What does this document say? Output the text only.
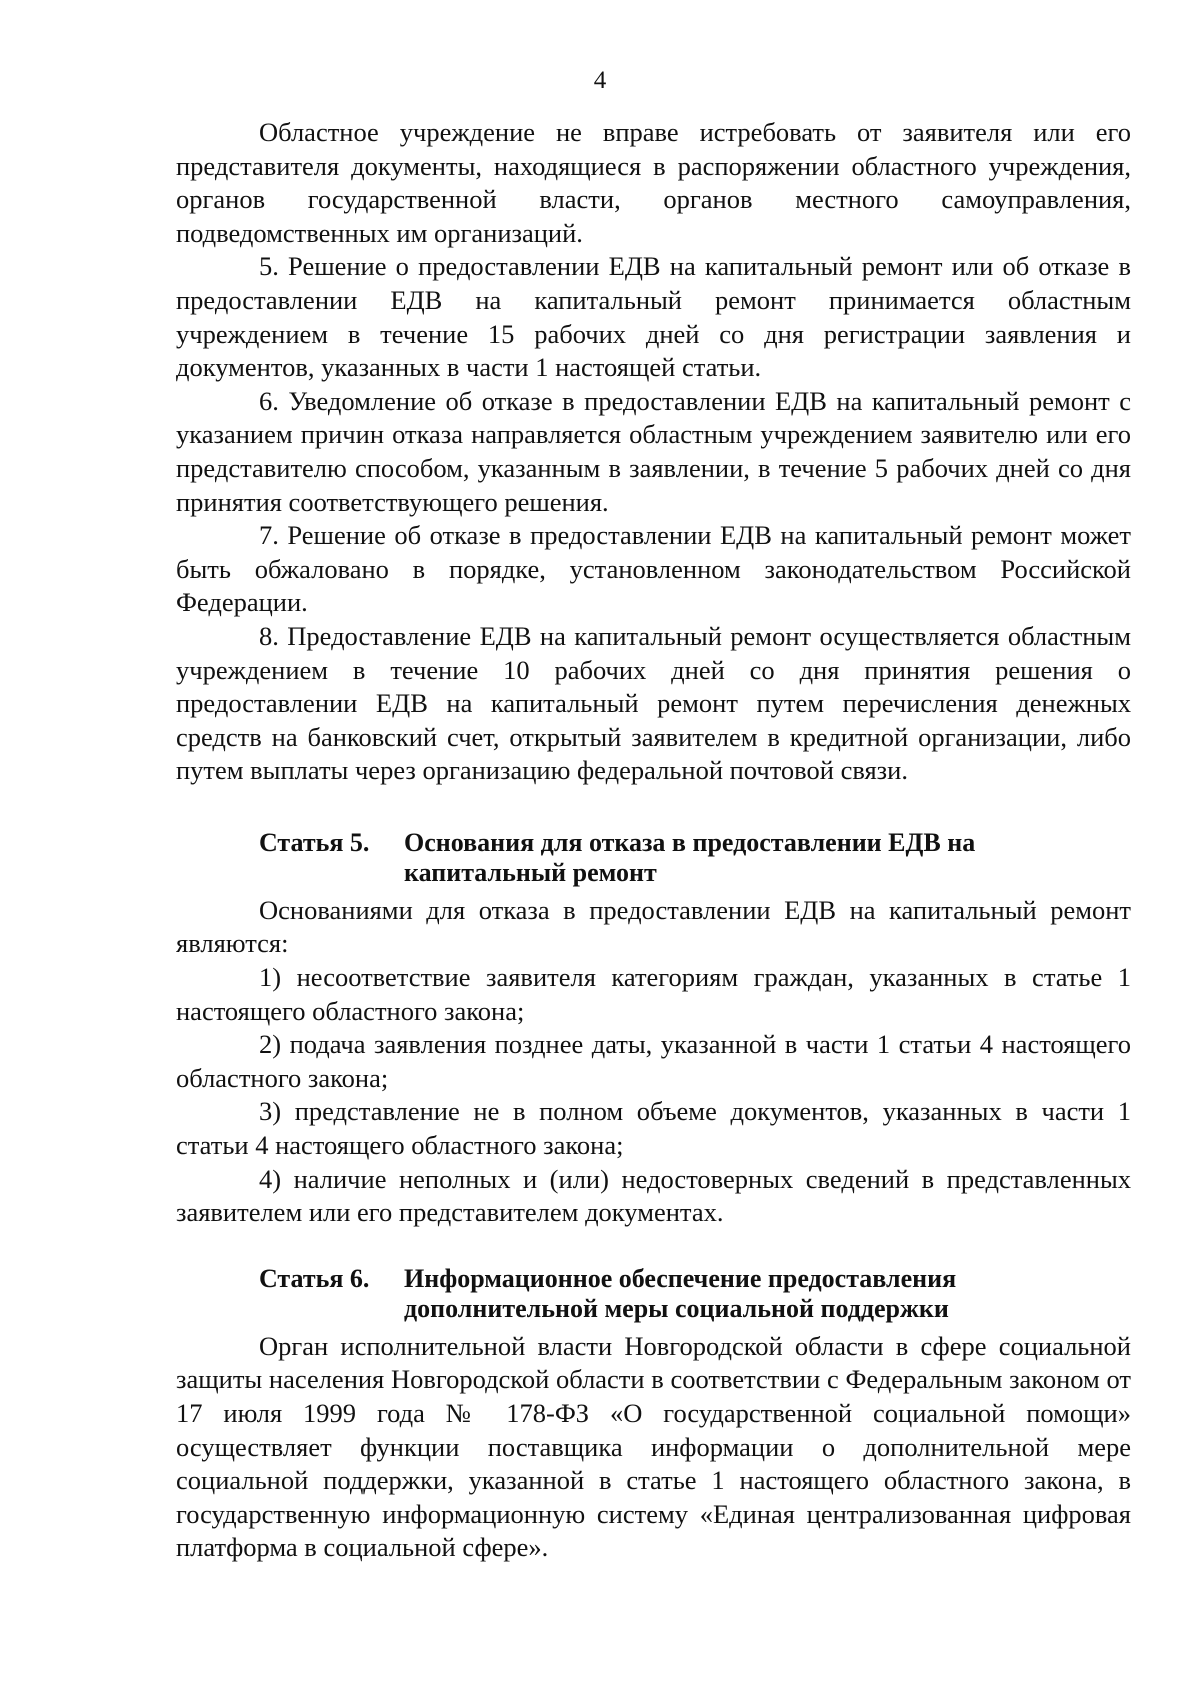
4

Областное учреждение не вправе истребовать от заявителя или его представителя документы, находящиеся в распоряжении областного учреждения, органов государственной власти, органов местного самоуправления, подведомственных им организаций.

5. Решение о предоставлении ЕДВ на капитальный ремонт или об отказе в предоставлении ЕДВ на капитальный ремонт принимается областным учреждением в течение 15 рабочих дней со дня регистрации заявления и документов, указанных в части 1 настоящей статьи.

6. Уведомление об отказе в предоставлении ЕДВ на капитальный ремонт с указанием причин отказа направляется областным учреждением заявителю или его представителю способом, указанным в заявлении, в течение 5 рабочих дней со дня принятия соответствующего решения.

7. Решение об отказе в предоставлении ЕДВ на капитальный ремонт может быть обжаловано в порядке, установленном законодательством Российской Федерации.

8. Предоставление ЕДВ на капитальный ремонт осуществляется областным учреждением в течение 10 рабочих дней со дня принятия решения о предоставлении ЕДВ на капитальный ремонт путем перечисления денежных средств на банковский счет, открытый заявителем в кредитной организации, либо путем выплаты через организацию федеральной почтовой связи.

Статья 5.	Основания для отказа в предоставлении ЕДВ на капитальный ремонт

Основаниями для отказа в предоставлении ЕДВ на капитальный ремонт являются:

1) несоответствие заявителя категориям граждан, указанных в статье 1 настоящего областного закона;

2) подача заявления позднее даты, указанной в части 1 статьи 4 настоящего областного закона;

3) представление не в полном объеме документов, указанных в части 1 статьи 4 настоящего областного закона;

4) наличие неполных и (или) недостоверных сведений в представленных заявителем или его представителем документах.

Статья 6.	Информационное обеспечение предоставления дополнительной меры социальной поддержки

Орган исполнительной власти Новгородской области в сфере социальной защиты населения Новгородской области в соответствии с Федеральным законом от 17 июля 1999 года № 178-ФЗ «О государственной социальной помощи» осуществляет функции поставщика информации о дополнительной мере социальной поддержки, указанной в статье 1 настоящего областного закона, в государственную информационную систему «Единая централизованная цифровая платформа в социальной сфере».
